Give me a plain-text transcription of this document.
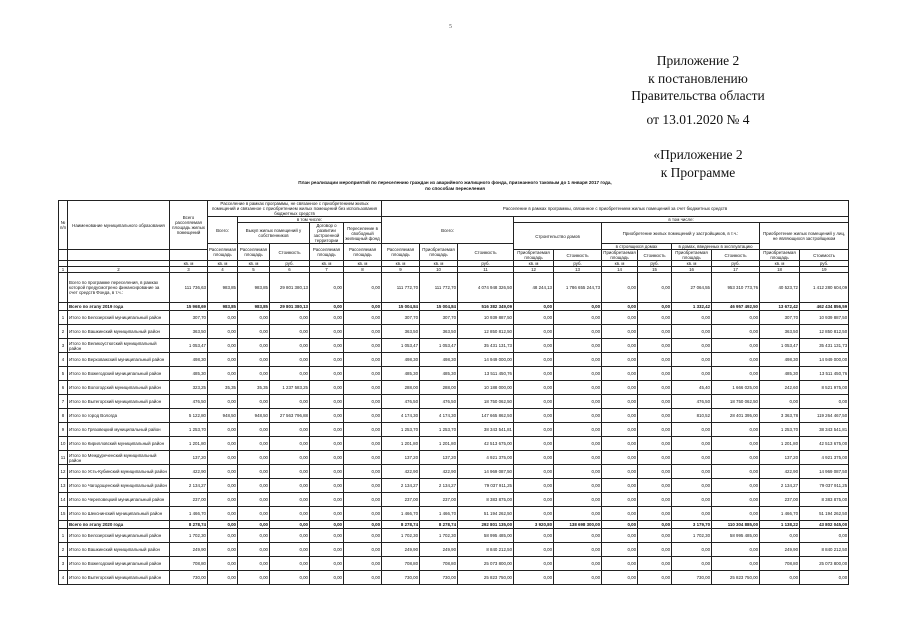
5
Приложение 2
к постановлению
Правительства области
от 13.01.2020 № 4
«Приложение 2
к Программе
План реализации мероприятий по переселению граждан из аварийного жилищного фонда, признанного таковым до 1 января 2017 года,
по способам переселения
№ п/п	Наименование муниципального образования	Всего расселяемая площадь жилых помещений	Расселение в рамках программы, не связанное с приобретением жилых помещений и связанное с приобретением жилых помещений без использования бюджетных средств					Расселение в рамках программы, связанное с приобретением жилых помещений за счет бюджетных средств										
			Всего:	в том числе:				Всего:			в том числе:							
				Выкуп жилых помещений у собственников		Договор о развитии застроенной территории	Переселение в свободный жилищный фонд				Строительство домов		Приобретение жилых помещений у застройщиков, в т.ч.:				Приобретение жилых помещений у лиц, не являющихся застройщиком	
			Расселяемая площадь	Расселяемая площадь	Стоимость	Расселяемая площадь	Расселяемая площадь	Расселяемая площадь	Приобретаемая площадь	Стоимость			в строящихся домах		в домах, введенных в эксплуатацию			
											Приобретаемая площадь	Стоимость	Приобретаемая площадь	Стоимость	Приобретаемая площадь	Стоимость	Приобретаемая площадь	Стоимость
		кв. м	кв. м	кв. м	руб.	кв. м	кв. м	кв. м	кв. м	руб.	кв. м	руб.	кв. м	руб.	кв. м	руб.	кв. м	руб.
1	2	3	4	5	6	7	8	9	10	11	12	13	14	15	16	17	18	19
	Всего по программе переселения, в рамках которой предусмотрено финансирование за счет средств Фонда, в т.ч.:	111 736,63	983,85	983,85	29 801 380,13	0,00	0,00	111 772,70	111 772,70	4 074 948 326,50	48 244,13	1 786 655 244,73	0,00	0,00	27 064,55	953 310 773,76	40 523,72	1 412 280 604,09
	Всего по этапу 2019 года	15 968,69	983,85	983,85	29 801 380,13	0,00	0,00	15 004,84	15 004,84	516 382 349,09	0,00	0,00	0,00	0,00	1 332,42	46 957 492,50	13 672,42	462 434 856,59
1	Итого по Белозерский муниципальный район	307,70	0,00	0,00	0,00	0,00	0,00	307,70	307,70	10 939 887,50	0,00	0,00	0,00	0,00	0,00	0,00	307,70	10 939 887,50
2	Итого по Вашкинский муниципальный район	363,50	0,00	0,00	0,00	0,00	0,00	363,50	363,50	12 850 812,50	0,00	0,00	0,00	0,00	0,00	0,00	363,50	12 850 812,50
3	Итого по Великоустюгский муниципальный район	1 053,47	0,00	0,00	0,00	0,00	0,00	1 053,47	1 053,47	35 431 131,73	0,00	0,00	0,00	0,00	0,00	0,00	1 053,47	35 431 131,73
4	Итого по Верховажский муниципальный район	498,30	0,00	0,00	0,00	0,00	0,00	498,30	498,30	14 949 000,00	0,00	0,00	0,00	0,00	0,00	0,00	498,30	14 949 000,00
5	Итого по Вожегодский муниципальный район	485,30	0,00	0,00	0,00	0,00	0,00	485,30	485,30	13 511 450,76	0,00	0,00	0,00	0,00	0,00	0,00	485,30	13 511 450,76
6	Итого по Вологодский муниципальный район	323,25	35,35	35,35	1 237 583,25	0,00	0,00	288,00	288,00	10 188 000,00	0,00	0,00	0,00	0,00	45,40	1 666 025,00	242,60	8 521 975,00
7	Итого по Вытегорский муниципальный район	476,50	0,00	0,00	0,00	0,00	0,00	476,50	476,50	18 750 062,50	0,00	0,00	0,00	0,00	476,50	18 750 062,50	0,00	0,00
8	Итого по город Вологда	5 122,80	948,50	948,50	27 563 796,88	0,00	0,00	4 174,30	4 174,30	147 665 862,50	0,00	0,00	0,00	0,00	810,52	28 401 395,00	3 363,78	119 264 467,50
9	Итого по Грязовецкий муниципальный район	1 253,70	0,00	0,00	0,00	0,00	0,00	1 253,70	1 253,70	38 343 541,81	0,00	0,00	0,00	0,00	0,00	0,00	1 253,70	38 343 541,81
10	Итого по Кирилловский муниципальный район	1 201,80	0,00	0,00	0,00	0,00	0,00	1 201,80	1 201,80	42 513 675,00	0,00	0,00	0,00	0,00	0,00	0,00	1 201,80	42 513 675,00
11	Итого по Междуреченский муниципальный район	137,20	0,00	0,00	0,00	0,00	0,00	137,20	137,20	4 921 375,00	0,00	0,00	0,00	0,00	0,00	0,00	137,20	4 921 375,00
12	Итого по Усть-Кубинский муниципальный район	422,90	0,00	0,00	0,00	0,00	0,00	422,90	422,90	14 969 087,50	0,00	0,00	0,00	0,00	0,00	0,00	422,90	14 969 087,50
13	Итого по Чагодощенский муниципальный район	2 134,27	0,00	0,00	0,00	0,00	0,00	2 134,27	2 134,27	79 037 911,25	0,00	0,00	0,00	0,00	0,00	0,00	2 134,27	79 037 911,25
14	Итого по Череповецкий муниципальный район	237,00	0,00	0,00	0,00	0,00	0,00	237,00	237,00	8 383 875,00	0,00	0,00	0,00	0,00	0,00	0,00	237,00	8 383 875,00
15	Итого по Шекснинский муниципальный район	1 466,70	0,00	0,00	0,00	0,00	0,00	1 466,70	1 466,70	51 194 262,50	0,00	0,00	0,00	0,00	0,00	0,00	1 466,70	51 194 262,50
	Всего по этапу 2020 года	8 278,74	0,00	0,00	0,00	0,00	0,00	8 278,74	8 278,74	292 801 135,00	3 920,80	138 698 300,00	0,00	0,00	3 179,70	110 304 885,00	1 138,22	43 802 045,00
1	Итого по Белозерский муниципальный район	1 702,30	0,00	0,00	0,00	0,00	0,00	1 702,30	1 702,30	58 995 485,00	0,00	0,00	0,00	0,00	1 702,30	58 995 485,00	0,00	0,00
2	Итого по Вашкинский муниципальный район	249,90	0,00	0,00	0,00	0,00	0,00	249,90	249,90	8 840 212,50	0,00	0,00	0,00	0,00	0,00	0,00	249,90	8 840 212,50
3	Итого по Вожегодский муниципальный район	708,80	0,00	0,00	0,00	0,00	0,00	708,80	708,80	25 073 800,00	0,00	0,00	0,00	0,00	0,00	0,00	708,80	25 073 800,00
4	Итого по Вытегорский муниципальный район	730,00	0,00	0,00	0,00	0,00	0,00	730,00	730,00	25 823 750,00	0,00	0,00	0,00	0,00	730,00	25 823 750,00	0,00	0,00
